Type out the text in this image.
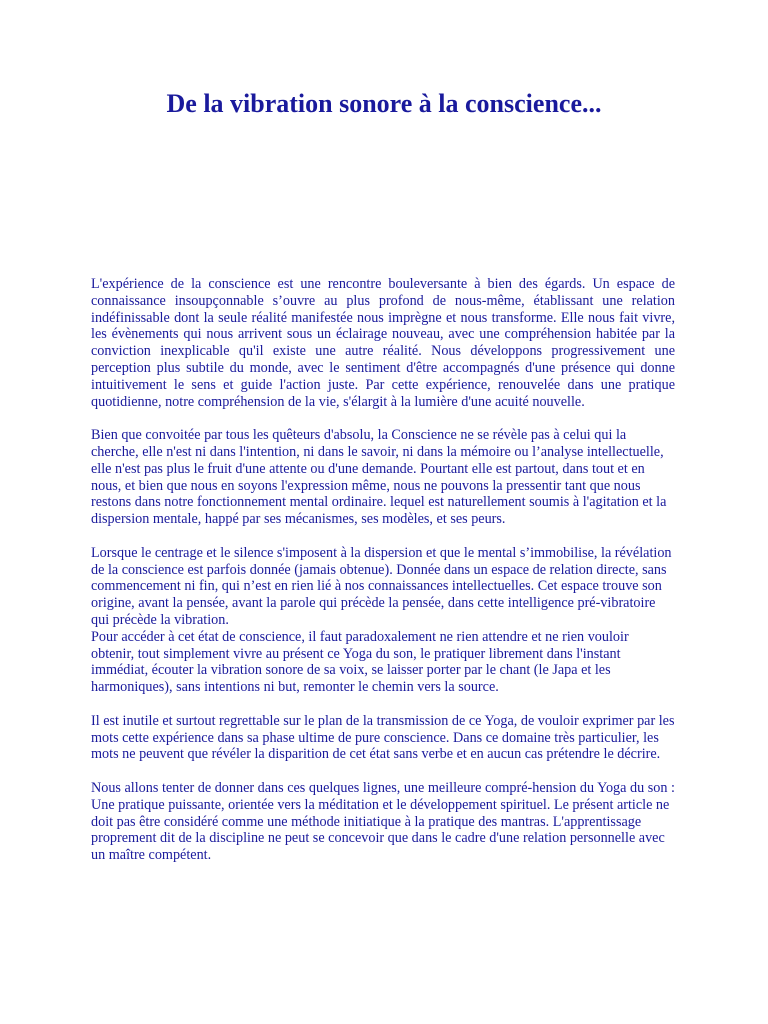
De la vibration sonore à la conscience...

L'expérience de la conscience est une rencontre bouleversante à bien des égards. Un espace de connaissance insoupçonnable s’ouvre au plus profond de nous-même, établissant une relation indéfinissable dont la seule réalité manifestée nous imprègne et nous transforme. Elle nous fait vivre, les évènements qui nous arrivent sous un éclairage nouveau, avec une compréhension habitée par la conviction inexplicable qu'il existe une autre réalité. Nous développons progressivement une perception plus subtile du monde, avec le sentiment d'être accompagnés d'une présence qui donne intuitivement le sens et guide l'action juste. Par cette expérience, renouvelée dans une pratique quotidienne, notre compréhension de la vie, s'élargit à la lumière d'une acuité nouvelle.

Bien que convoitée par tous les quêteurs d'absolu, la Conscience ne se révèle pas à celui qui la cherche, elle n'est ni dans l'intention, ni dans le savoir, ni dans la mémoire ou l’analyse intellectuelle, elle n'est pas plus le fruit d'une attente ou d'une demande. Pourtant elle est partout, dans tout et en nous, et bien que nous en soyons l'expression même, nous ne pouvons la pressentir tant que nous restons dans notre fonctionnement mental ordinaire. lequel est naturellement soumis à l'agitation et la dispersion mentale, happé par ses mécanismes, ses modèles, et ses peurs.

Lorsque le centrage et le silence s'imposent à la dispersion et que le mental s’immobilise, la révélation de la conscience est parfois donnée (jamais obtenue). Donnée dans un espace de relation directe, sans commencement ni fin, qui n’est en rien lié à nos connaissances intellectuelles. Cet espace trouve son origine, avant la pensée, avant la parole qui précède la pensée, dans cette intelligence pré-vibratoire qui précède la vibration.

Pour accéder à cet état de conscience, il faut paradoxalement ne rien attendre et ne rien vouloir obtenir, tout simplement vivre au présent ce Yoga du son, le pratiquer librement dans l'instant immédiat, écouter la vibration sonore de sa voix, se laisser porter par le chant (le Japa et les harmoniques), sans intentions ni but, remonter le chemin vers la source.

Il est inutile et surtout regrettable sur le plan de la transmission de ce Yoga, de vouloir exprimer par les mots cette expérience dans sa phase ultime de pure conscience. Dans ce domaine très particulier, les mots ne peuvent que révéler la disparition de cet état sans verbe et en aucun cas prétendre le décrire.

Nous allons tenter de donner dans ces quelques lignes, une meilleure compré-hension du Yoga du son : Une pratique puissante, orientée vers la méditation et le développement spirituel. Le présent article ne doit pas être considéré comme une méthode initiatique à la pratique des mantras. L'apprentissage proprement dit de la discipline ne peut se concevoir que dans le cadre d'une relation personnelle avec un maître compétent.
